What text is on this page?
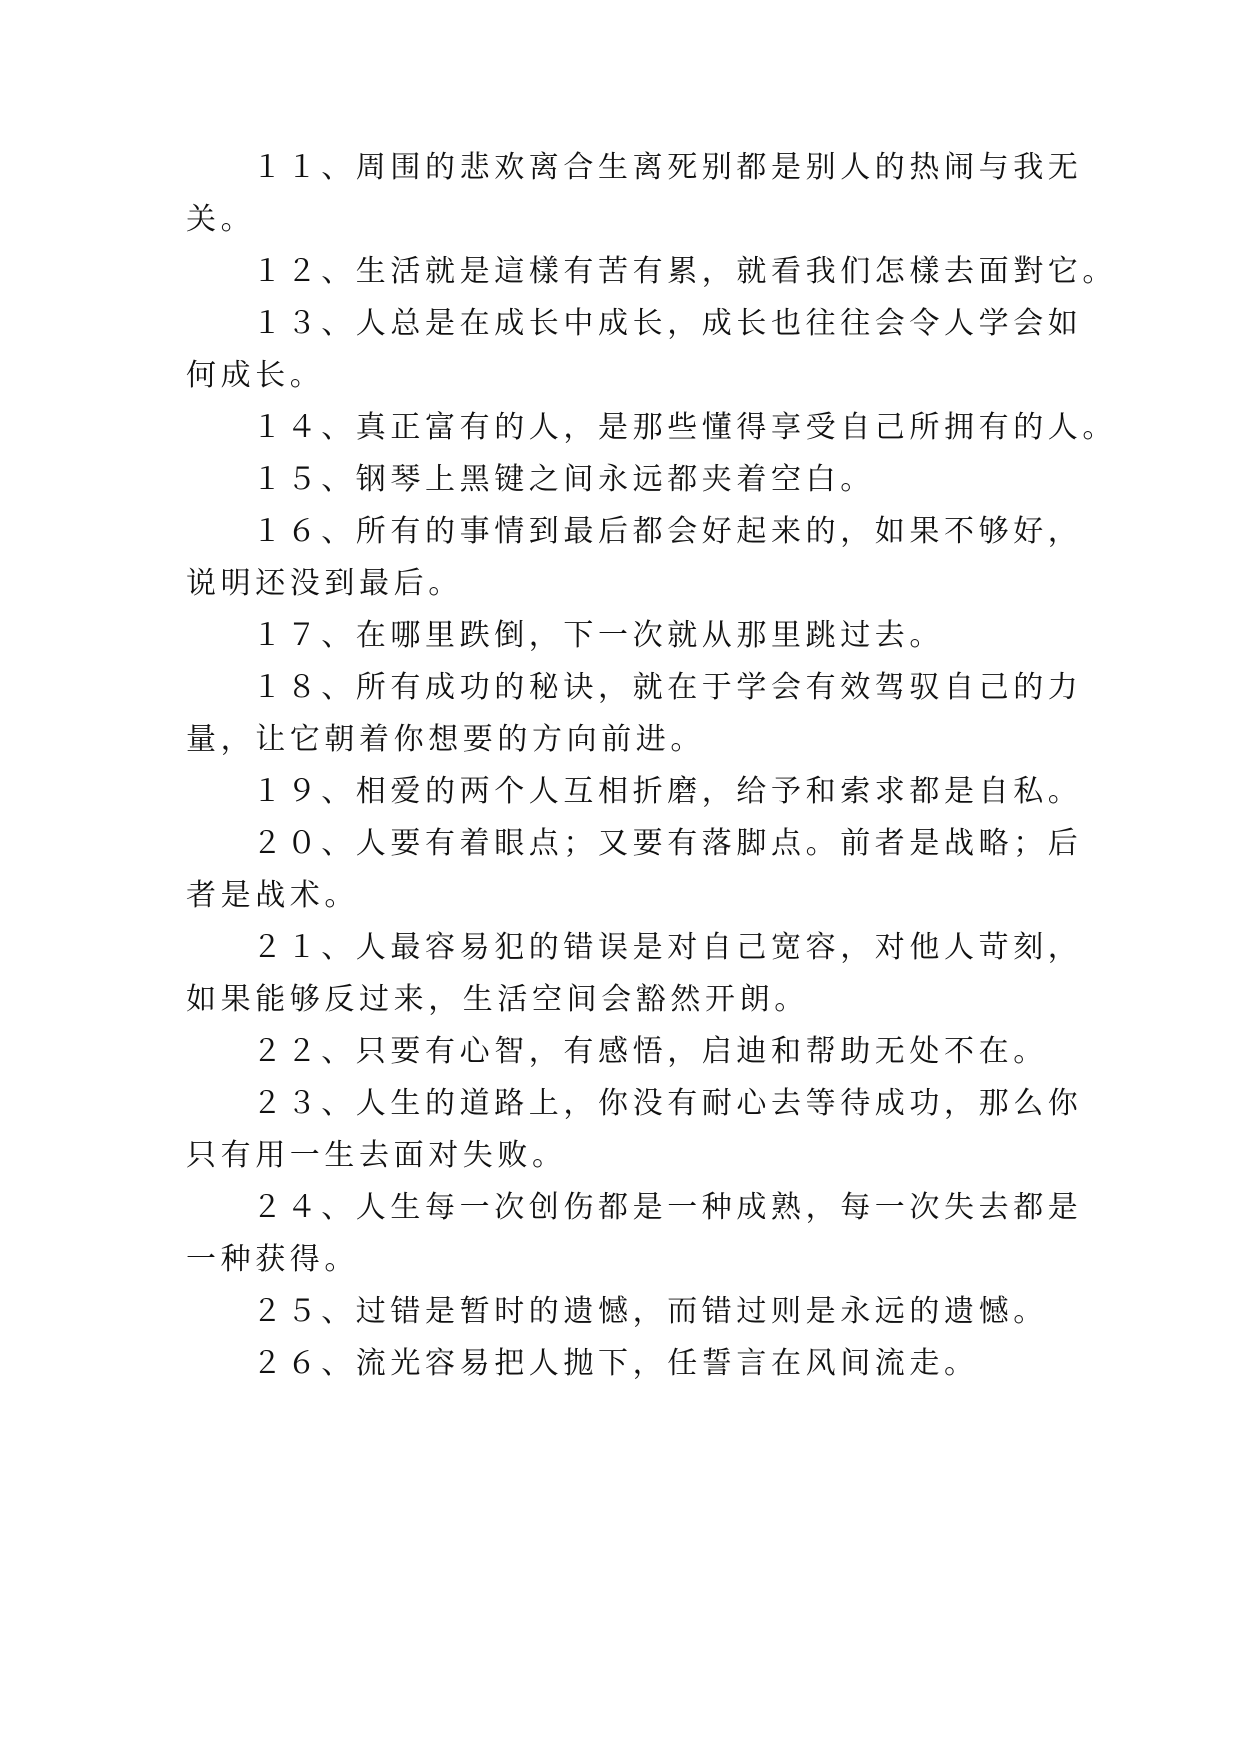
１１、周围的悲欢离合生离死别都是别人的热闹与我无

关。

１２、生活就是這樣有苦有累，就看我们怎樣去面對它。

１３、人总是在成长中成长，成长也往往会令人学会如

何成长。

１４、真正富有的人，是那些懂得享受自己所拥有的人。

１５、钢琴上黑键之间永远都夹着空白。

１６、所有的事情到最后都会好起来的，如果不够好，

说明还没到最后。

１７、在哪里跌倒，下一次就从那里跳过去。

１８、所有成功的秘诀，就在于学会有效驾驭自己的力

量，让它朝着你想要的方向前进。

１９、相爱的两个人互相折磨，给予和索求都是自私。

２０、人要有着眼点；又要有落脚点。前者是战略；后

者是战术。

２１、人最容易犯的错误是对自己宽容，对他人苛刻，

如果能够反过来，生活空间会豁然开朗。

２２、只要有心智，有感悟，启迪和帮助无处不在。

２３、人生的道路上，你没有耐心去等待成功，那么你

只有用一生去面对失败。

２４、人生每一次创伤都是一种成熟，每一次失去都是

一种获得。

２５、过错是暂时的遗憾，而错过则是永远的遗憾。

２６、流光容易把人抛下，任誓言在风间流走。
